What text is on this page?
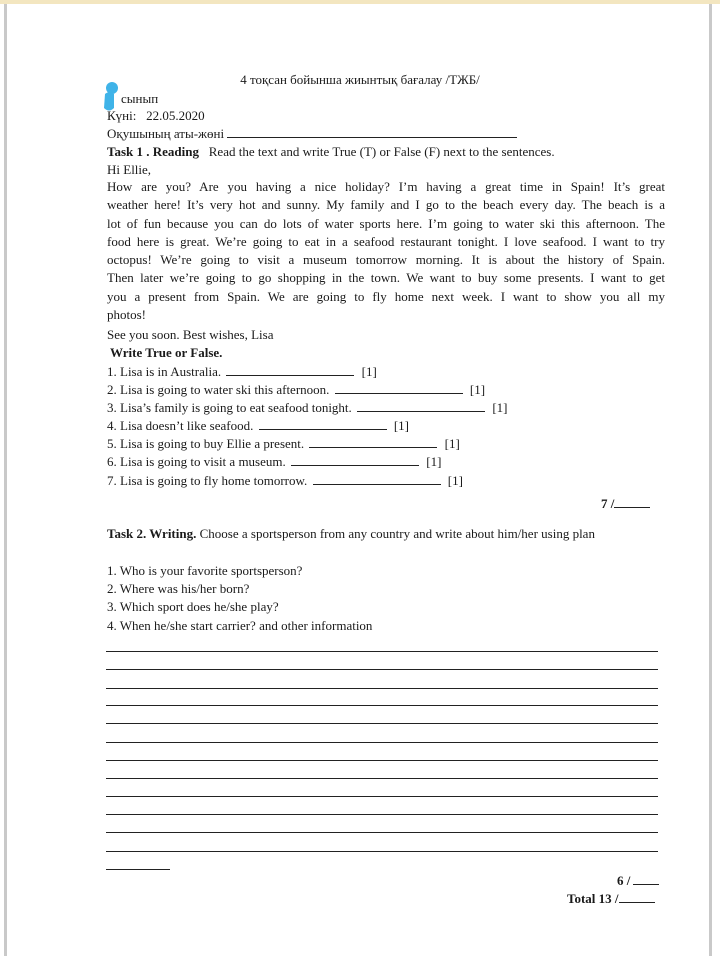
4 тоқсан бойынша жиынтық бағалау /ТЖБ/
сынып
Күні: 22.05.2020
Оқушының аты-жөні
Task 1 . Reading Read the text and write True (T) or False (F) next to the sentences.
Hi Ellie,
How are you? Are you having a nice holiday? I’m having a great time in Spain! It’s great
weather here! It’s very hot and sunny. My family and I go to the beach every day. The beach is a
lot of fun because you can do lots of water sports here. I’m going to water ski this afternoon. The
food here is great. We’re going to eat in a seafood restaurant tonight. I love seafood. I want to try
octopus! We’re going to visit a museum tomorrow morning. It is about the history of Spain.
Then later we’re going to go shopping in the town. We want to buy some presents. I want to get
you a present from Spain. We are going to fly home next week. I want to show you all my
photos!
See you soon. Best wishes, Lisa
Write True or False.
1. Lisa is in Australia.	[1]
2. Lisa is going to water ski this afternoon.	[1]
3. Lisa’s family is going to eat seafood tonight.	[1]
4. Lisa doesn’t like seafood.	[1]
5. Lisa is going to buy Ellie a present.	[1]
6. Lisa is going to visit a museum.	[1]
7. Lisa is going to fly home tomorrow.	[1]
7 /
Task 2. Writing. Choose a sportsperson from any country and write about him/her using plan
1. Who is your favorite sportsperson?
2. Where was his/her born?
3. Which sport does he/she play?
4. When he/she start carrier? and other information
6 /
Total 13 /
